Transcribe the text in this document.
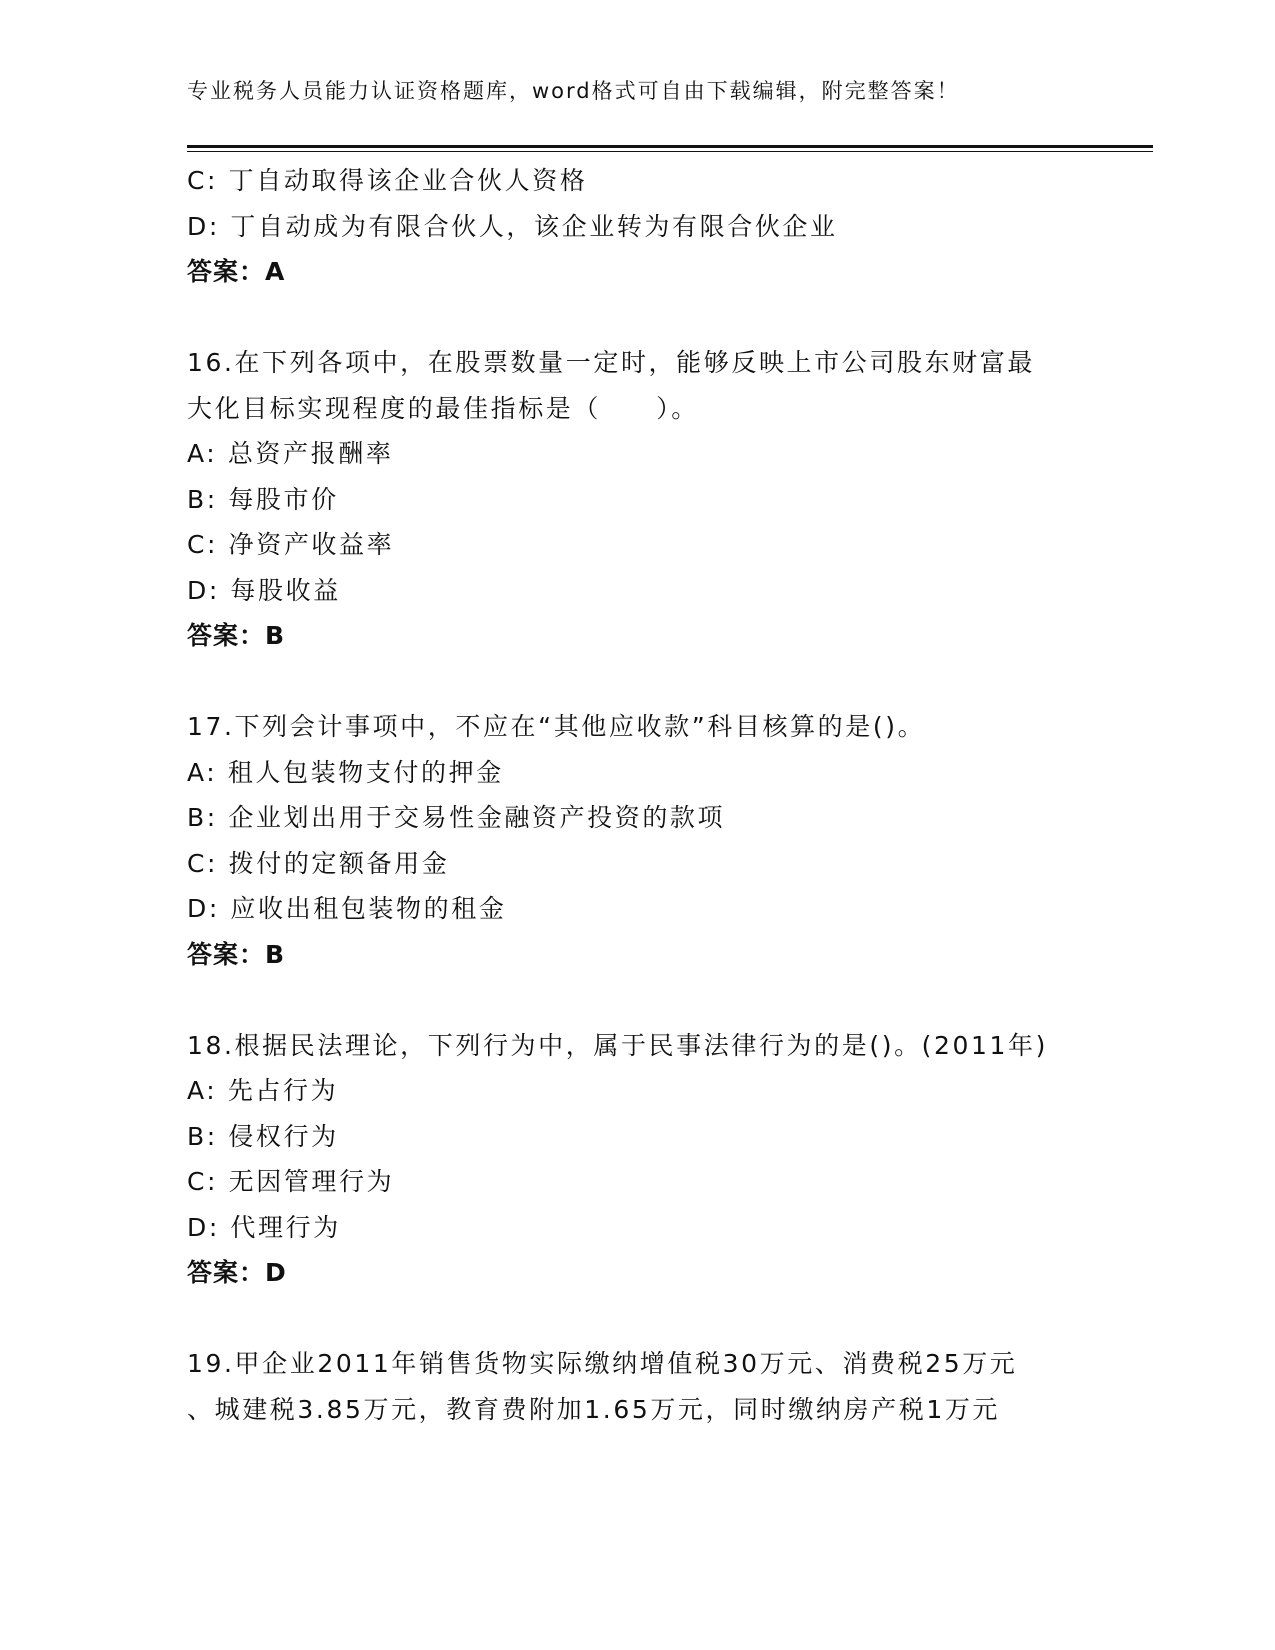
专业税务人员能力认证资格题库，word格式可自由下载编辑，附完整答案！
C: 丁自动取得该企业合伙人资格
D: 丁自动成为有限合伙人，该企业转为有限合伙企业
答案：A
16.在下列各项中，在股票数量一定时，能够反映上市公司股东财富最
大化目标实现程度的最佳指标是（　　）。
A: 总资产报酬率
B: 每股市价
C: 净资产收益率
D: 每股收益
答案：B
17.下列会计事项中，不应在“其他应收款”科目核算的是()。
A: 租人包装物支付的押金
B: 企业划出用于交易性金融资产投资的款项
C: 拨付的定额备用金
D: 应收出租包装物的租金
答案：B
18.根据民法理论，下列行为中，属于民事法律行为的是()。(2011年)
A: 先占行为
B: 侵权行为
C: 无因管理行为
D: 代理行为
答案：D
19.甲企业2011年销售货物实际缴纳增值税30万元、消费税25万元
、城建税3.85万元，教育费附加1.65万元，同时缴纳房产税1万元
